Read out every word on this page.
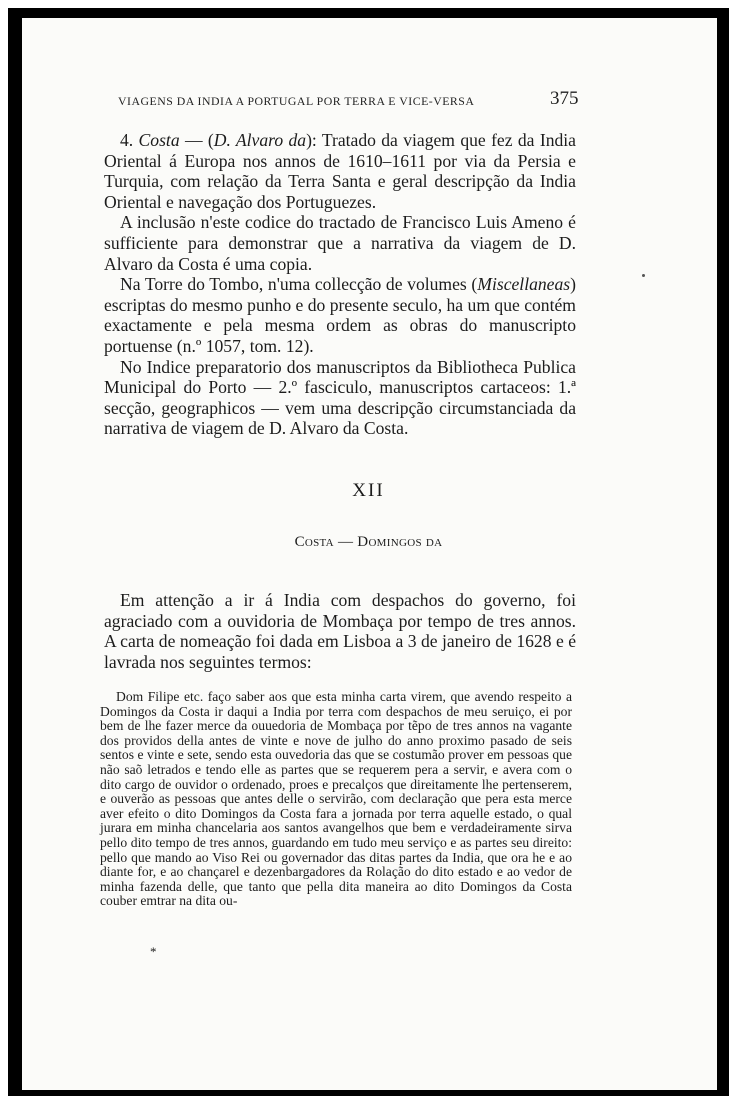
VIAGENS DA INDIA A PORTUGAL POR TERRA E VICE-VERSA	375

4. Costa — (D. Alvaro da): Tratado da viagem que fez da India Oriental á Europa nos annos de 1610–1611 por via da Persia e Turquia, com relação da Terra Santa e geral descripção da India Oriental e navegação dos Portuguezes.

A inclusão n'este codice do tractado de Francisco Luis Ameno é sufficiente para demonstrar que a narrativa da viagem de D. Alvaro da Costa é uma copia.

Na Torre do Tombo, n'uma collecção de volumes (Miscellaneas) escriptas do mesmo punho e do presente seculo, ha um que contém exactamente e pela mesma ordem as obras do manuscripto portuense (n.º 1057, tom. 12).

No Indice preparatorio dos manuscriptos da Bibliotheca Publica Municipal do Porto — 2.º fasciculo, manuscriptos cartaceos: 1.ª secção, geographicos — vem uma descripção circumstanciada da narrativa de viagem de D. Alvaro da Costa.

XII
Costa — Domingos da
Em attenção a ir á India com despachos do governo, foi agraciado com a ouvidoria de Mombaça por tempo de tres annos. A carta de nomeação foi dada em Lisboa a 3 de janeiro de 1628 e é lavrada nos seguintes termos:
Dom Filipe etc. faço saber aos que esta minha carta virem, que avendo respeito a Domingos da Costa ir daqui a India por terra com despachos de meu seruiço, ei por bem de lhe fazer merce da ouuedoria de Mombaça por tẽpo de tres annos na vagante dos providos della antes de vinte e nove de julho do anno proximo pasado de seis sentos e vinte e sete, sendo esta ouvedoria das que se costumão prover em pessoas que não saõ letrados e tendo elle as partes que se requerem pera a servir, e avera com o dito cargo de ouvidor o ordenado, proes e precalços que direitamente lhe pertenserem, e ouverão as pessoas que antes delle o servirão, com declaração que pera esta merce aver efeito o dito Domingos da Costa fara a jornada por terra aquelle estado, o qual jurara em minha chancelaria aos santos avangelhos que bem e verdadeiramente sirva pello dito tempo de tres annos, guardando em tudo meu serviço e as partes seu direito: pello que mando ao Viso Rei ou governador das ditas partes da India, que ora he e ao diante for, e ao chançarel e dezenbargadores da Rolação do dito estado e ao vedor de minha fazenda delle, que tanto que pella dita maneira ao dito Domingos da Costa couber emtrar na dita ou-
*
